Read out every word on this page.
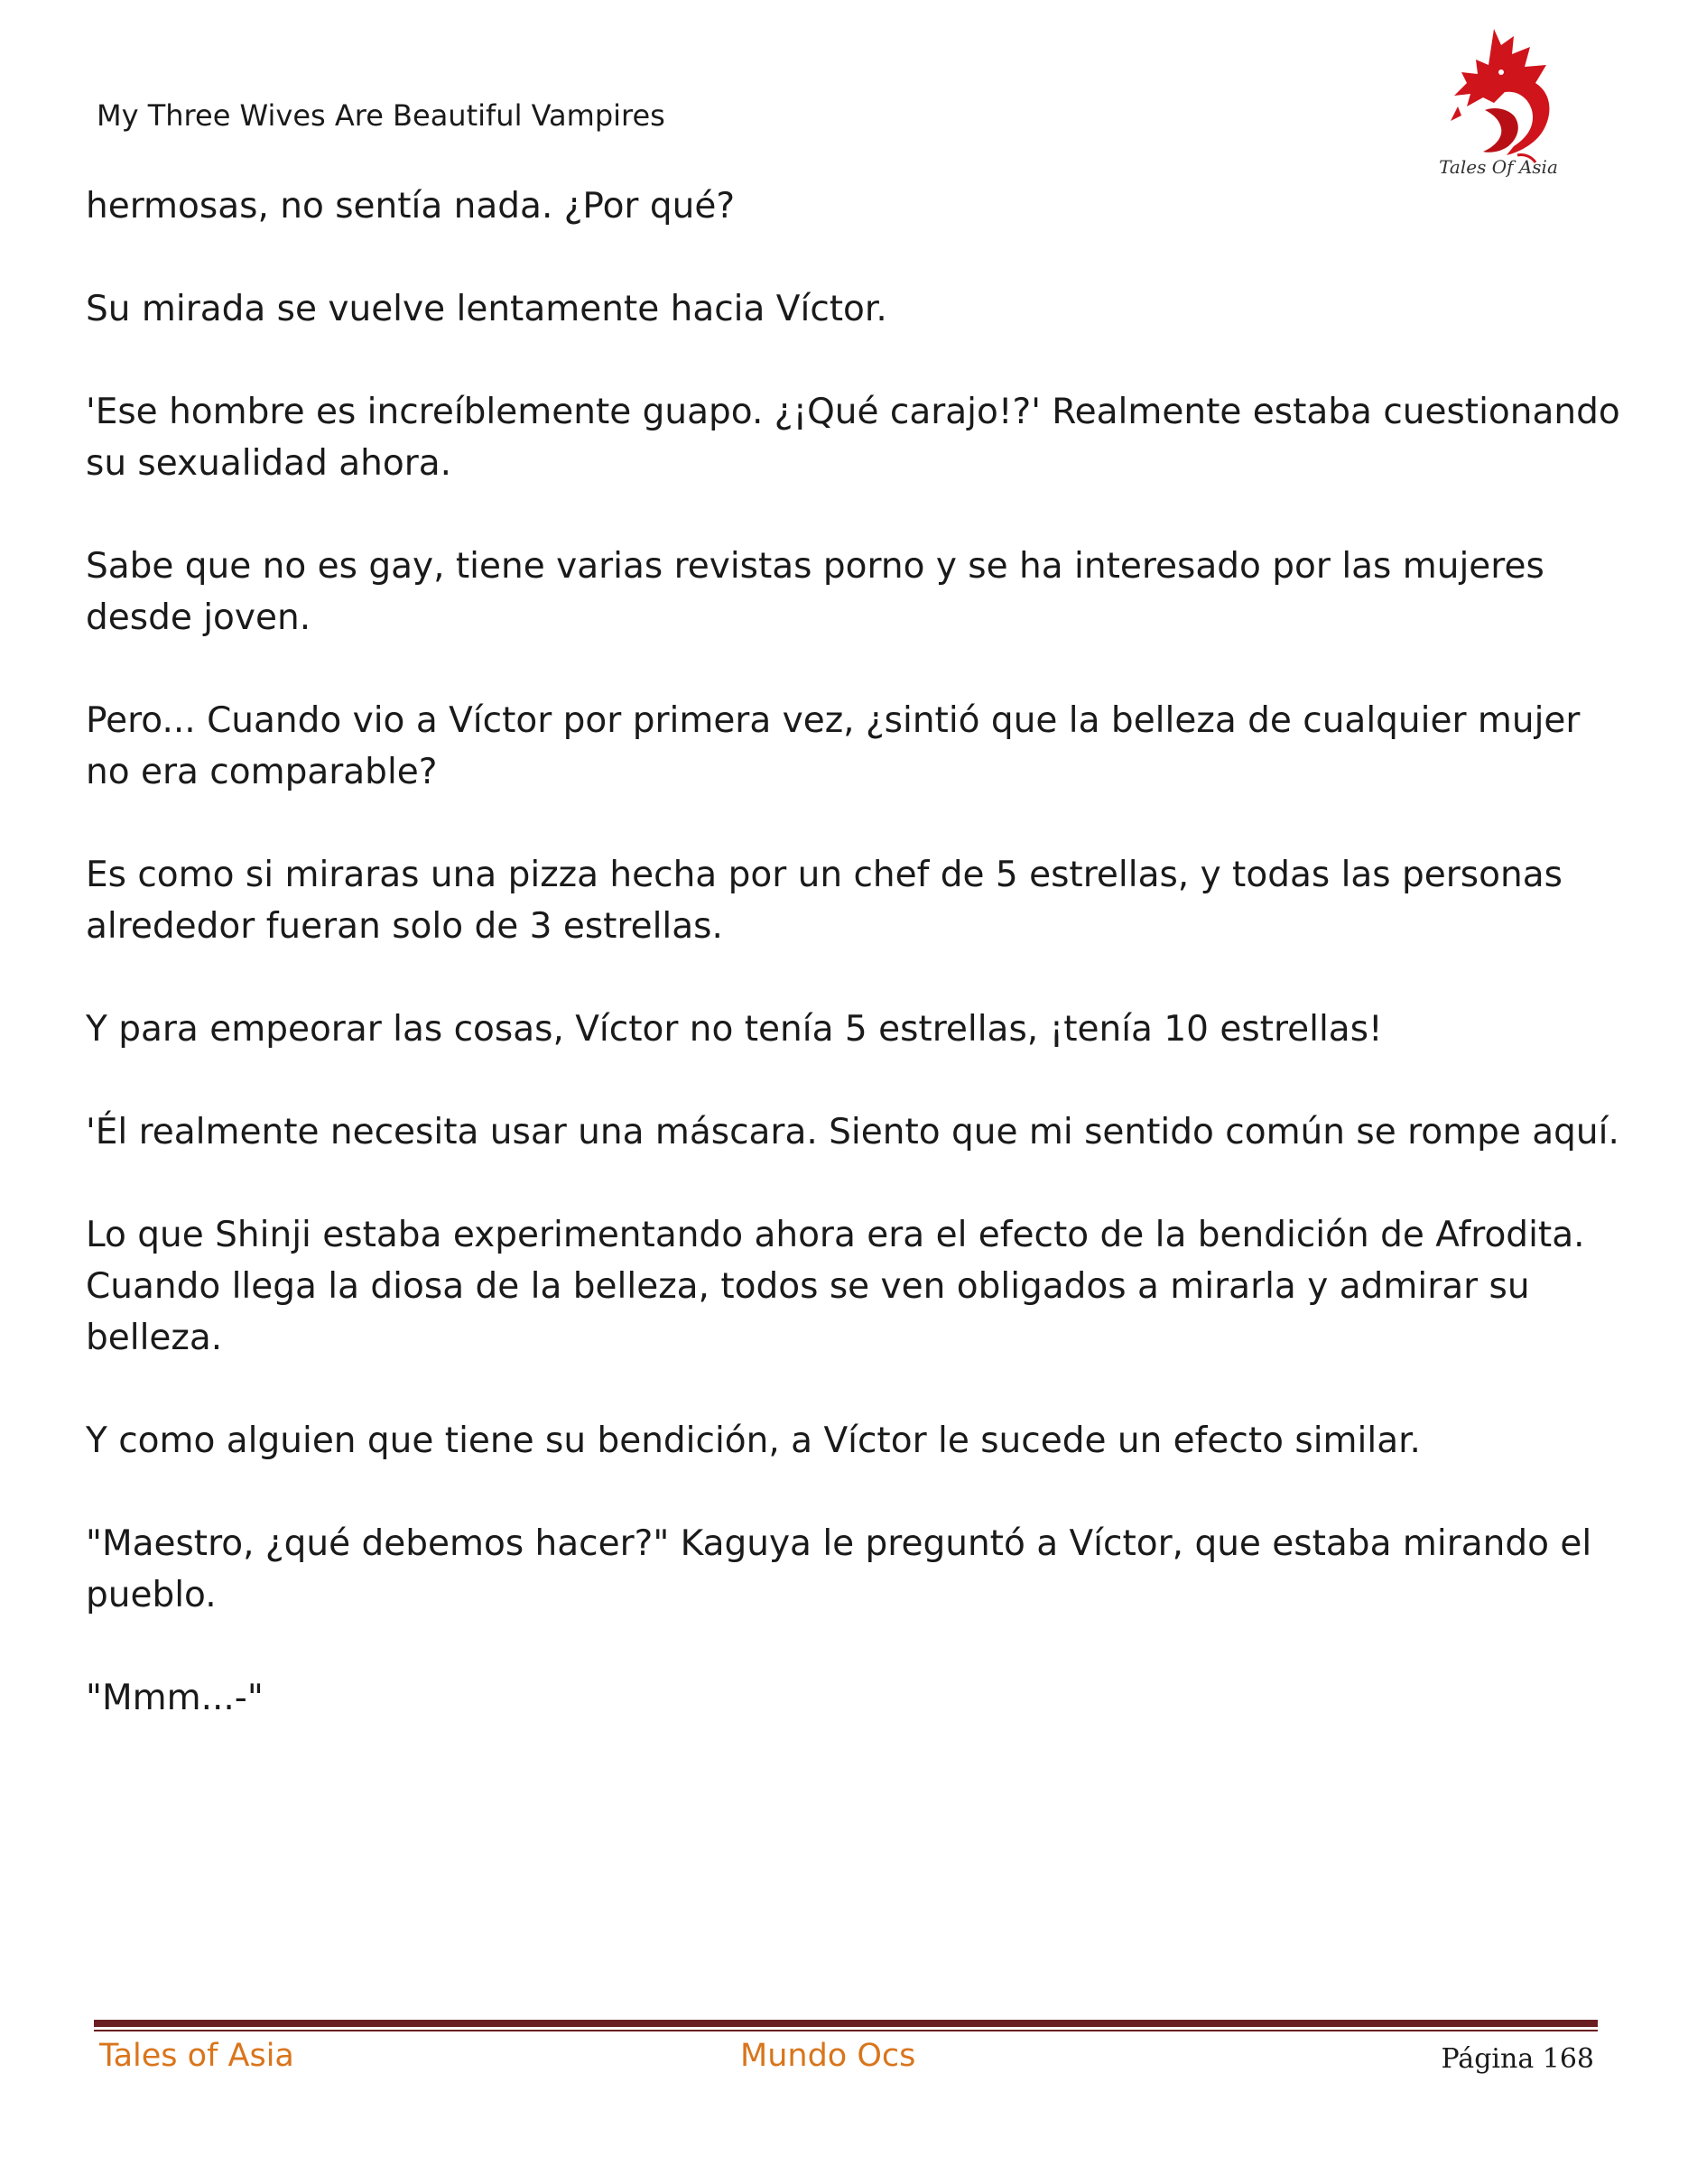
My Three Wives Are Beautiful Vampires
Tales Of Asia

hermosas, no sentía nada. ¿Por qué?

Su mirada se vuelve lentamente hacia Víctor.

'Ese hombre es increíblemente guapo. ¿¡Qué carajo!?' Realmente estaba cuestionando su sexualidad ahora.

Sabe que no es gay, tiene varias revistas porno y se ha interesado por las mujeres desde joven.

Pero... Cuando vio a Víctor por primera vez, ¿sintió que la belleza de cualquier mujer no era comparable?

Es como si miraras una pizza hecha por un chef de 5 estrellas, y todas las personas alrededor fueran solo de 3 estrellas.

Y para empeorar las cosas, Víctor no tenía 5 estrellas, ¡tenía 10 estrellas!

'Él realmente necesita usar una máscara. Siento que mi sentido común se rompe aquí.

Lo que Shinji estaba experimentando ahora era el efecto de la bendición de Afrodita. Cuando llega la diosa de la belleza, todos se ven obligados a mirarla y admirar su belleza.

Y como alguien que tiene su bendición, a Víctor le sucede un efecto similar.

"Maestro, ¿qué debemos hacer?" Kaguya le preguntó a Víctor, que estaba mirando el pueblo.

"Mmm...-"

Tales of Asia	Mundo Ocs	Página 168
